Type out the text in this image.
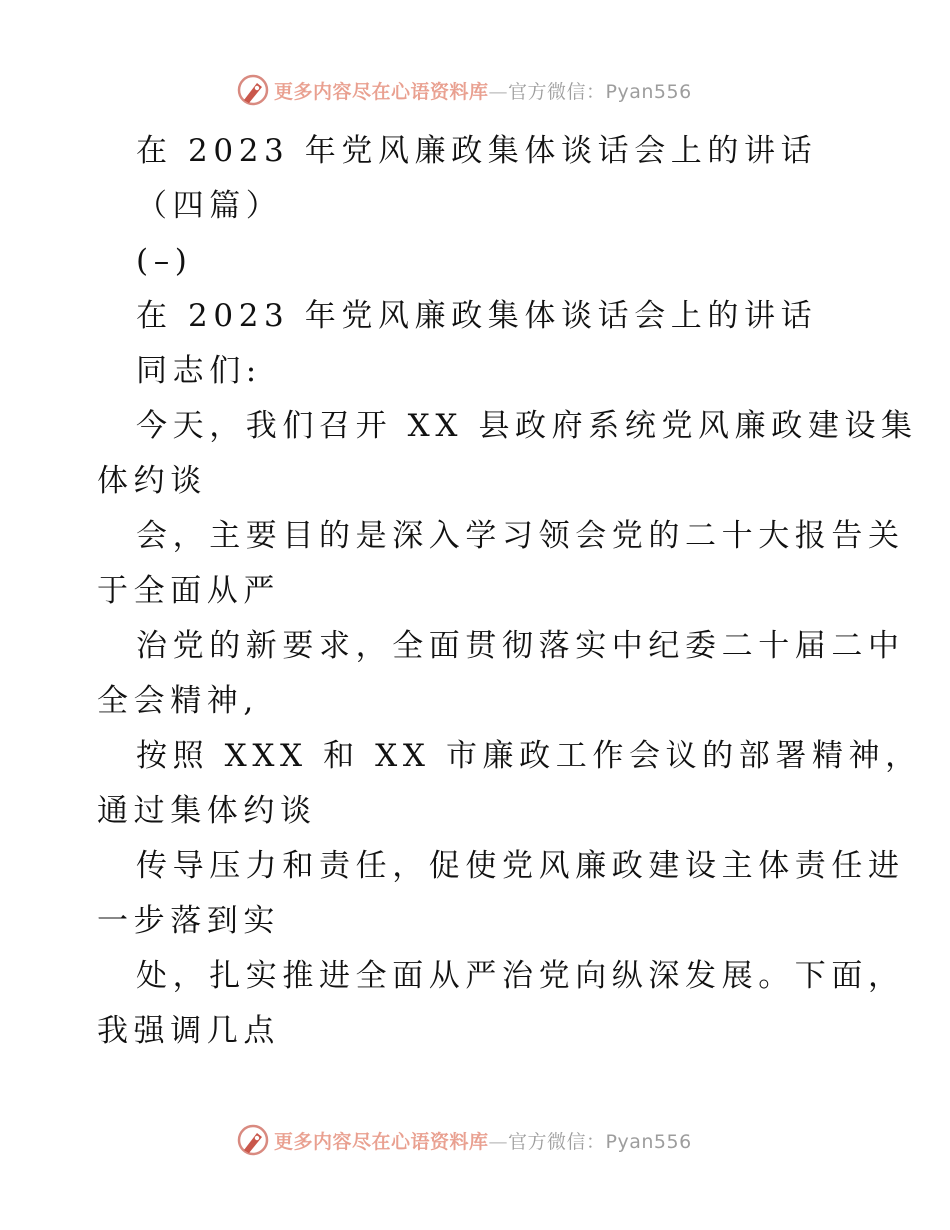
更多内容尽在心语资料库—官方微信：Pyan556
在 2023 年党风廉政集体谈话会上的讲话
（四篇）
(–)
在 2023 年党风廉政集体谈话会上的讲话
同志们:
今天，我们召开 XX 县政府系统党风廉政建设集
体约谈
会，主要目的是深入学习领会党的二十大报告关
于全面从严
治党的新要求，全面贯彻落实中纪委二十届二中
全会精神,
按照 XXX 和 XX 市廉政工作会议的部署精神，
通过集体约谈
传导压力和责任，促使党风廉政建设主体责任进
一步落到实
处，扎实推进全面从严治党向纵深发展。下面，
我强调几点
更多内容尽在心语资料库—官方微信：Pyan556
